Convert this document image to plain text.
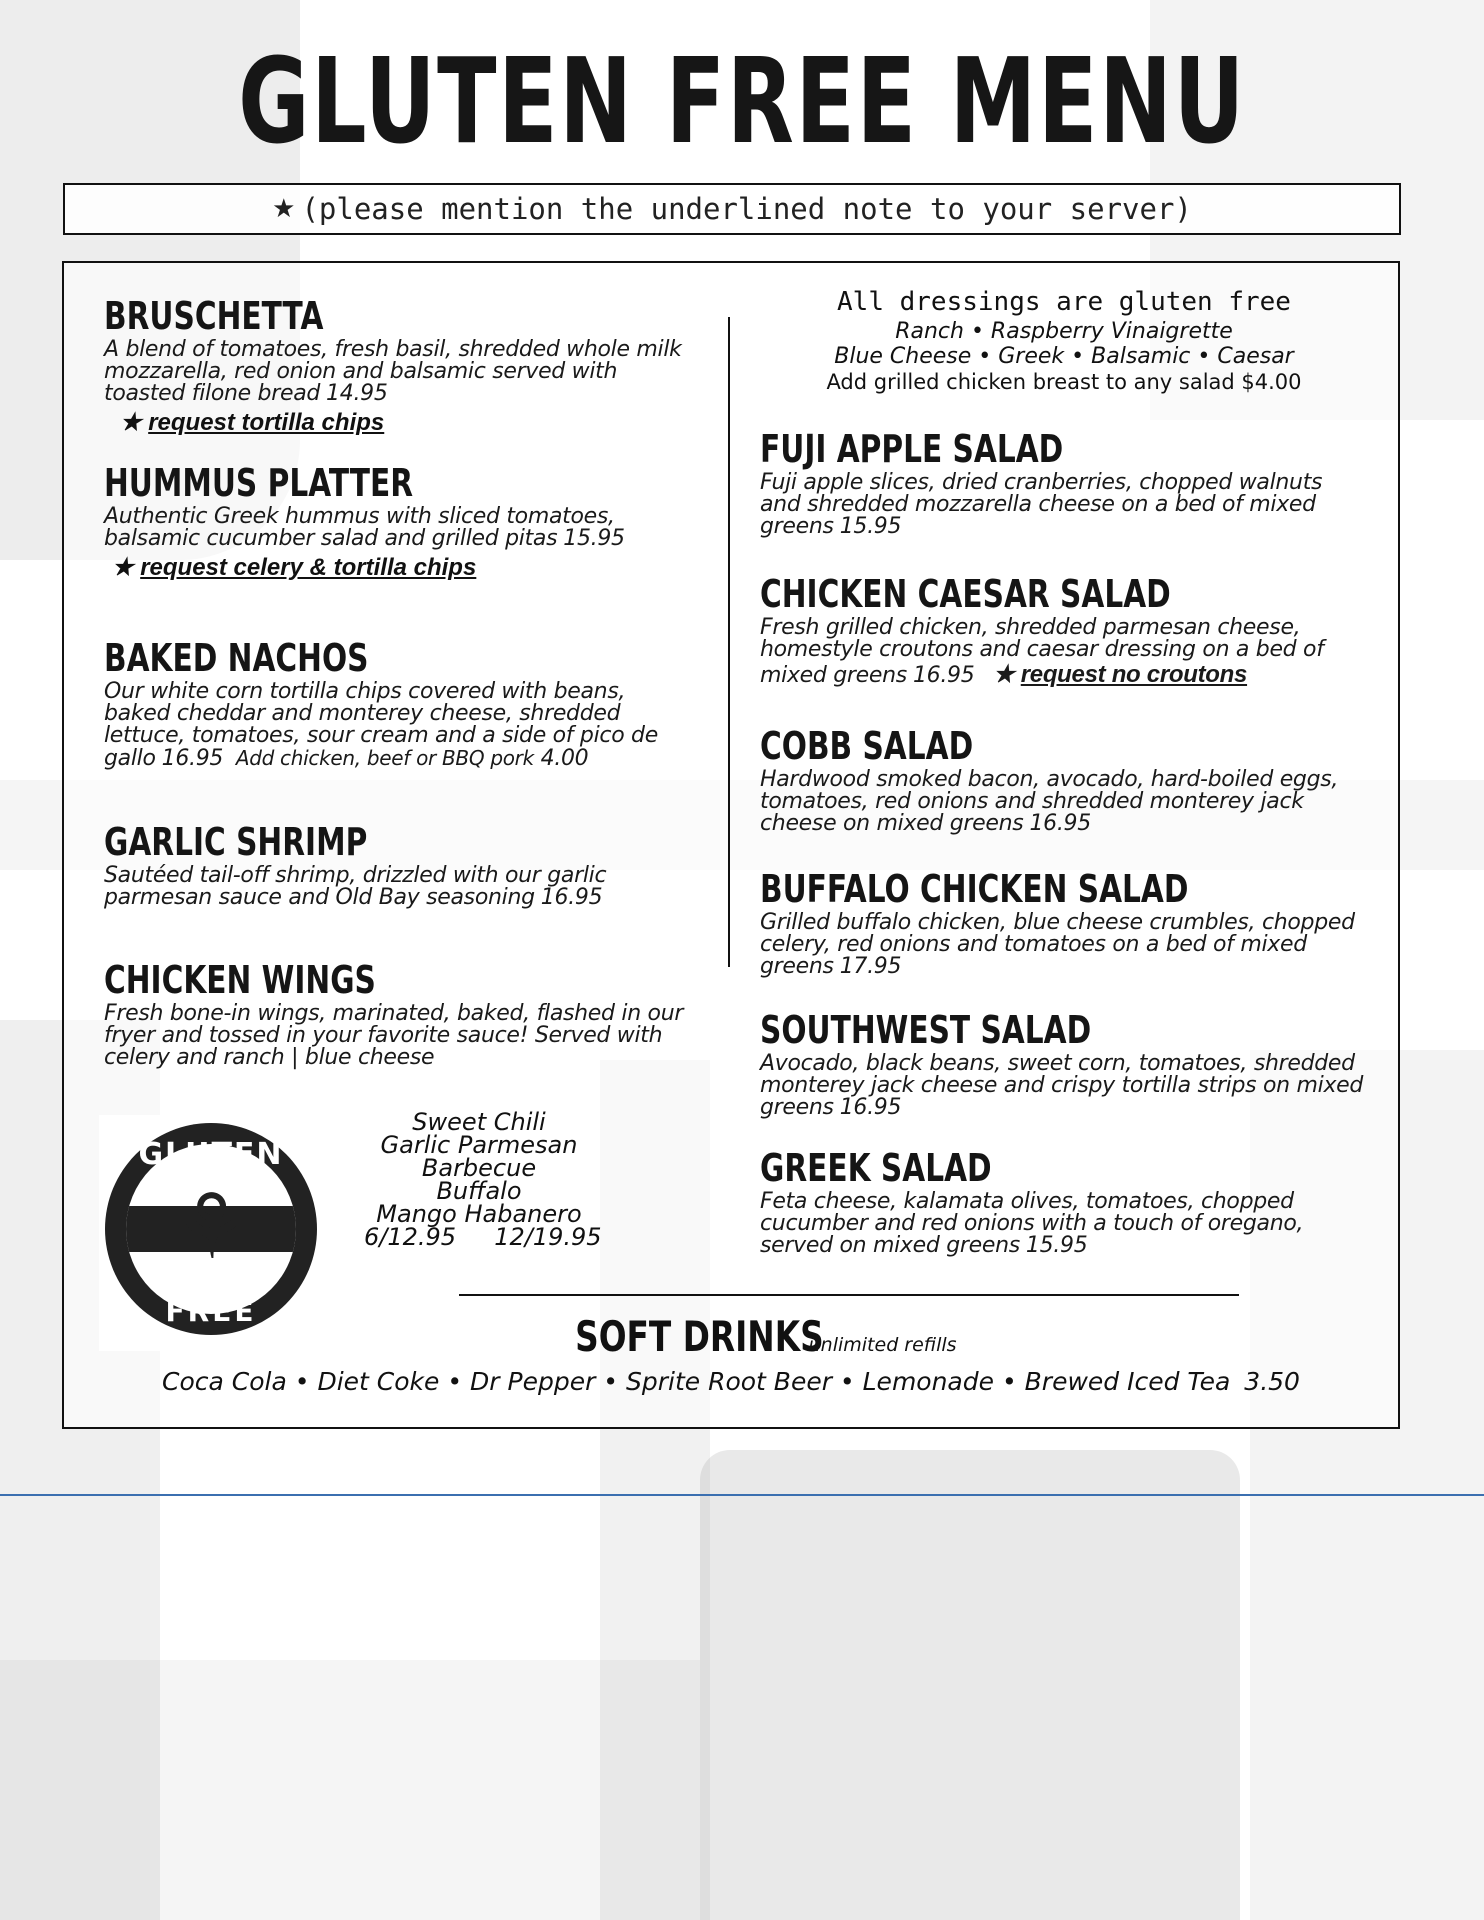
GLUTEN FREE MENU
★ (please mention the underlined note to your server)
BRUSCHETTA

A blend of tomatoes, fresh basil, shredded whole milk mozzarella, red onion and balsamic served with toasted filone bread 14.95

★ request tortilla chips
HUMMUS PLATTER

Authentic Greek hummus with sliced tomatoes, balsamic cucumber salad and grilled pitas 15.95

★ request celery & tortilla chips
BAKED NACHOS

Our white corn tortilla chips covered with beans, baked cheddar and monterey cheese, shredded lettuce, tomatoes, sour cream and a side of pico de gallo 16.95 Add chicken, beef or BBQ pork 4.00

GARLIC SHRIMP

Sautéed tail-off shrimp, drizzled with our garlic parmesan sauce and Old Bay seasoning 16.95

CHICKEN WINGS

Fresh bone-in wings, marinated, baked, flashed in our fryer and tossed in your favorite sauce! Served with celery and ranch | blue cheese

⚘
GLUTEN
FREE
Sweet Chili
Garlic Parmesan
Barbecue
Buffalo
Mango Habanero
6/12.95     12/19.95
All dressings are gluten free
Ranch • Raspberry Vinaigrette
Blue Cheese • Greek • Balsamic • Caesar
Add grilled chicken breast to any salad $4.00
FUJI APPLE SALAD

Fuji apple slices, dried cranberries, chopped walnuts and shredded mozzarella cheese on a bed of mixed greens 15.95

CHICKEN CAESAR SALAD

Fresh grilled chicken, shredded parmesan cheese, homestyle croutons and caesar dressing on a bed of mixed greens 16.95 ★ request no croutons

COBB SALAD

Hardwood smoked bacon, avocado, hard-boiled eggs, tomatoes, red onions and shredded monterey jack cheese on mixed greens 16.95

BUFFALO CHICKEN SALAD

Grilled buffalo chicken, blue cheese crumbles, chopped celery, red onions and tomatoes on a bed of mixed greens 17.95

SOUTHWEST SALAD

Avocado, black beans, sweet corn, tomatoes, shredded monterey jack cheese and crispy tortilla strips on mixed greens 16.95

GREEK SALAD

Feta cheese, kalamata olives, tomatoes, chopped cucumber and red onions with a touch of oregano, served on mixed greens 15.95

SOFT DRINKS unlimited refills
Coca Cola • Diet Coke • Dr Pepper • Sprite Root Beer • Lemonade • Brewed Iced Tea 3.50
